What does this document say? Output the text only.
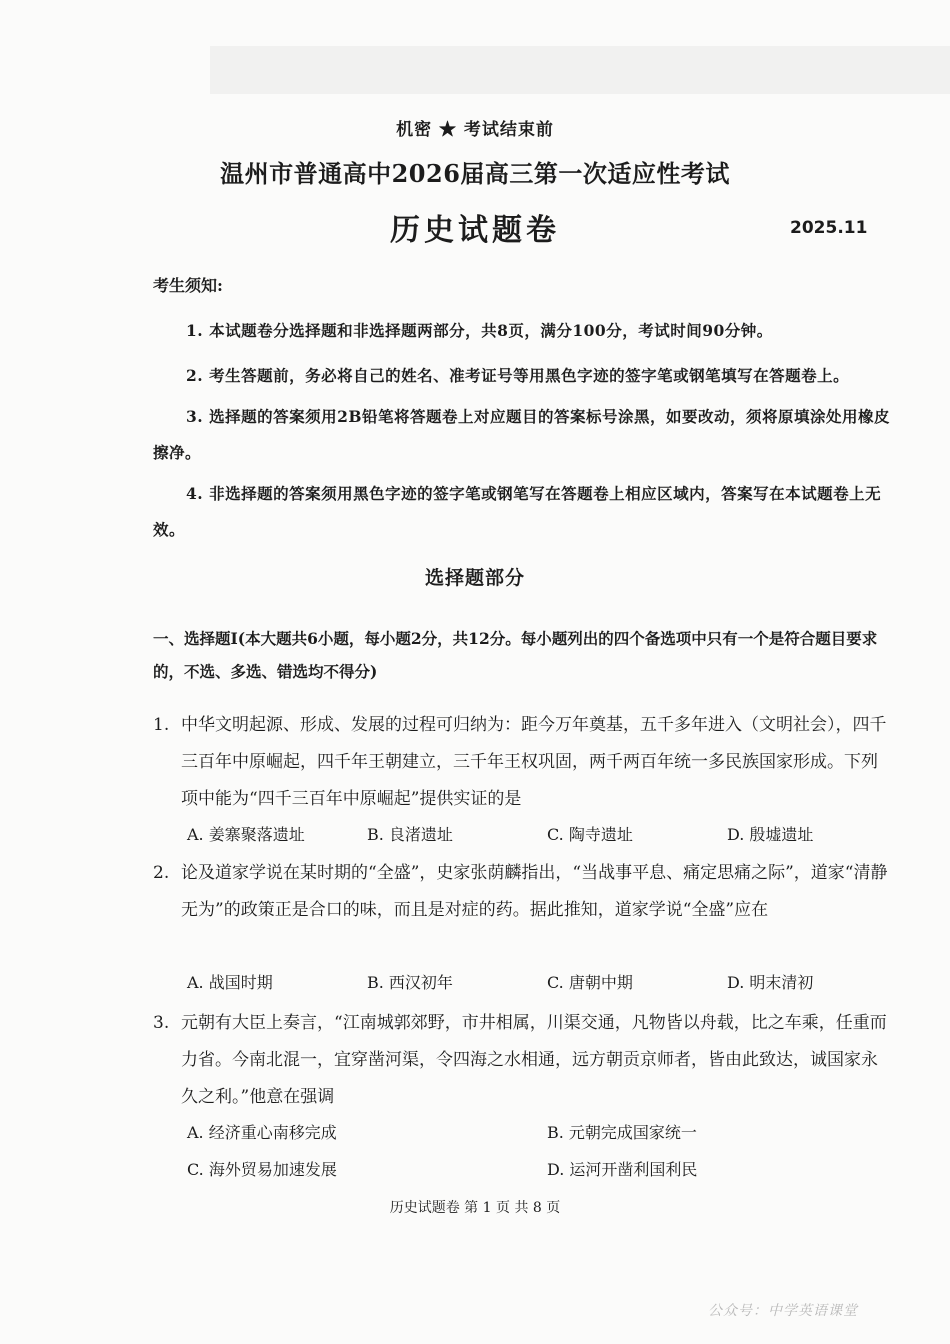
机密 ★ 考试结束前
温州市普通高中2026届高三第一次适应性考试
历史试题卷	2025.11
考生须知:
1. 本试题卷分选择题和非选择题两部分，共8页，满分100分，考试时间90分钟。
2. 考生答题前，务必将自己的姓名、准考证号等用黑色字迹的签字笔或钢笔填写在答题卷上。
3. 选择题的答案须用2B铅笔将答题卷上对应题目的答案标号涂黑，如要改动，须将原填涂处用橡皮擦净。
4. 非选择题的答案须用黑色字迹的签字笔或钢笔写在答题卷上相应区域内，答案写在本试题卷上无效。
选择题部分
一、选择题Ⅰ(本大题共6小题，每小题2分，共12分。每小题列出的四个备选项中只有一个是符合题目要求的，不选、多选、错选均不得分)
1. 中华文明起源、形成、发展的过程可归纳为：距今万年奠基，五千多年进入（文明社会），四千三百年中原崛起，四千年王朝建立，三千年王权巩固，两千两百年统一多民族国家形成。下列项中能为“四千三百年中原崛起”提供实证的是
A. 姜寨聚落遗址	B. 良渚遗址	C. 陶寺遗址	D. 殷墟遗址
2. 论及道家学说在某时期的“全盛”，史家张荫麟指出，“当战事平息、痛定思痛之际”，道家“清静无为”的政策正是合口的味，而且是对症的药。据此推知，道家学说“全盛”应在
A. 战国时期	B. 西汉初年	C. 唐朝中期	D. 明末清初
3. 元朝有大臣上奏言，“江南城郭郊野，市井相属，川渠交通，凡物皆以舟载，比之车乘，任重而力省。今南北混一，宜穿凿河渠，令四海之水相通，远方朝贡京师者，皆由此致达，诚国家永久之利。”他意在强调
A. 经济重心南移完成	B. 元朝完成国家统一
C. 海外贸易加速发展	D. 运河开凿利国利民
历史试题卷 第 1 页 共 8 页
公众号：中学英语课堂
